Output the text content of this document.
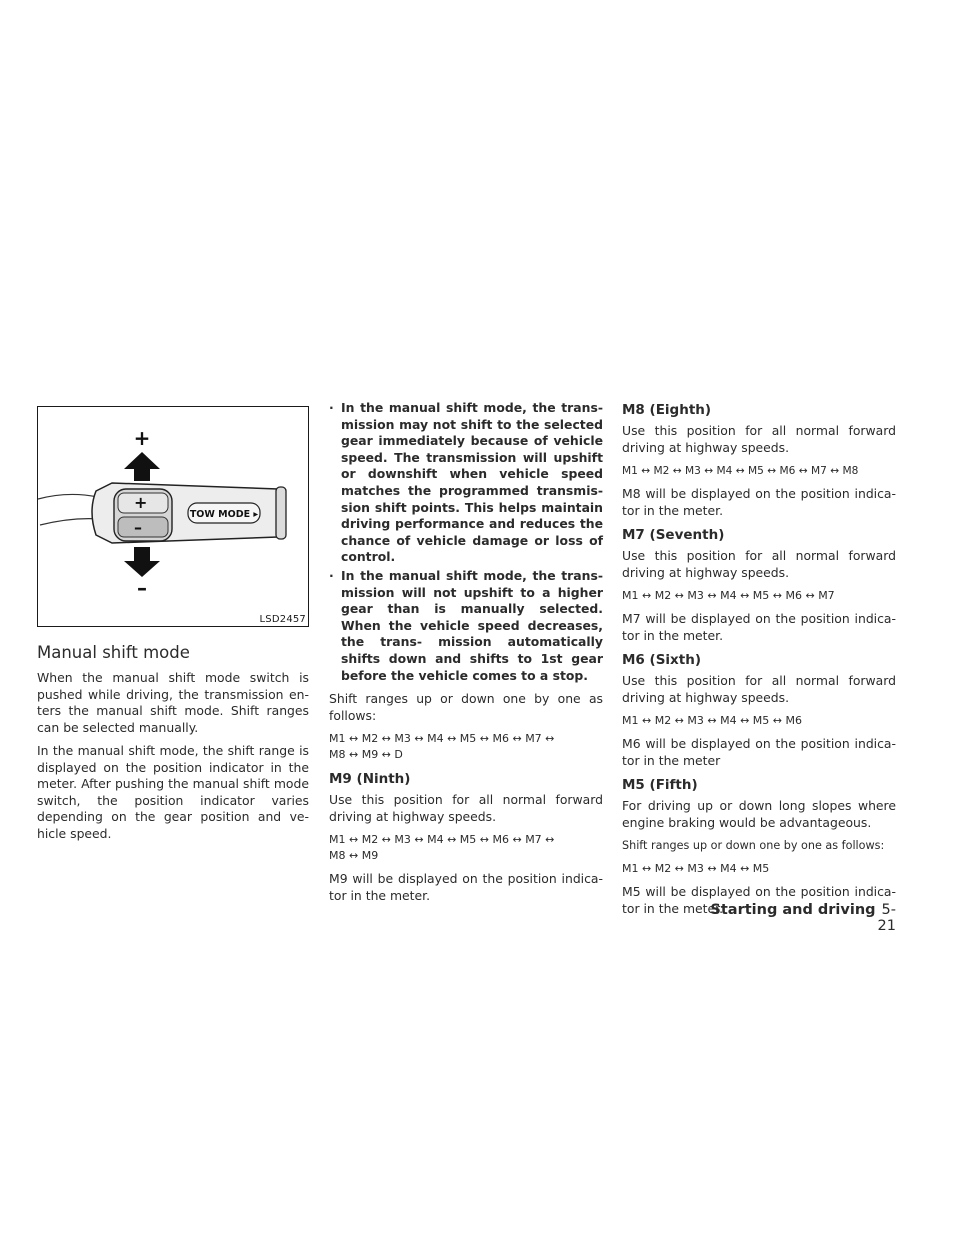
+
–
+
–
TOW MODE ▸
LSD2457
Manual shift mode

When the manual shift mode switch is pushed while driving, the transmission en- ters the manual shift mode. Shift ranges can be selected manually.

In the manual shift mode, the shift range is displayed on the position indicator in the meter. After pushing the manual shift mode switch, the position indicator varies depending on the gear position and ve- hicle speed.

· In the manual shift mode, the trans- mission may not shift to the selected gear immediately because of vehicle speed. The transmission will upshift or downshift when vehicle speed matches the programmed transmis- sion shift points. This helps maintain driving performance and reduces the chance of vehicle damage or loss of control.
· In the manual shift mode, the trans- mission will not upshift to a higher gear than is manually selected. When the vehicle speed decreases, the trans- mission automatically shifts down and shifts to 1st gear before the vehicle comes to a stop.

Shift ranges up or down one by one as follows:

M1 ↔ M2 ↔ M3 ↔ M4 ↔ M5 ↔ M6 ↔ M7 ↔
M8 ↔ M9 ↔ D
M9 (Ninth)

Use this position for all normal forward driving at highway speeds.

M1 ↔ M2 ↔ M3 ↔ M4 ↔ M5 ↔ M6 ↔ M7 ↔
M8 ↔ M9

M9 will be displayed on the position indica- tor in the meter.

M8 (Eighth)

Use this position for all normal forward driving at highway speeds.

M1 ↔ M2 ↔ M3 ↔ M4 ↔ M5 ↔ M6 ↔ M7 ↔ M8

M8 will be displayed on the position indica- tor in the meter.

M7 (Seventh)

Use this position for all normal forward driving at highway speeds.

M1 ↔ M2 ↔ M3 ↔ M4 ↔ M5 ↔ M6 ↔ M7

M7 will be displayed on the position indica- tor in the meter.

M6 (Sixth)

Use this position for all normal forward driving at highway speeds.

M1 ↔ M2 ↔ M3 ↔ M4 ↔ M5 ↔ M6

M6 will be displayed on the position indica- tor in the meter

M5 (Fifth)

For driving up or down long slopes where engine braking would be advantageous.

Shift ranges up or down one by one as follows:
M1 ↔ M2 ↔ M3 ↔ M4 ↔ M5

M5 will be displayed on the position indica- tor in the meter.

Starting and driving 5-21
